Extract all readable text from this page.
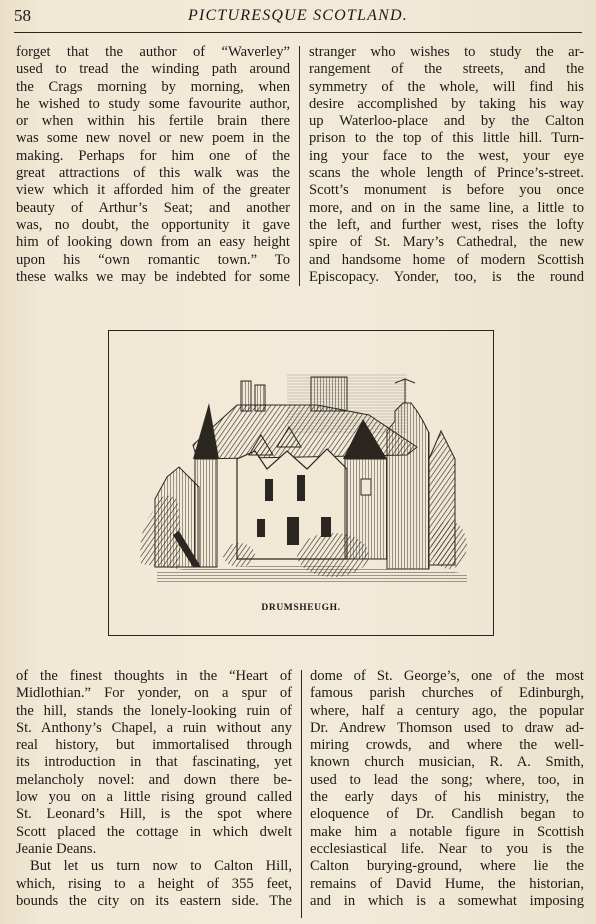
58	PICTURESQUE SCOTLAND.
forget that the author of “Waverley”
used to tread the winding path around
the Crags morning by morning, when
he wished to study some favourite author,
or when within his fertile brain there
was some new novel or new poem in the
making. Perhaps for him one of the
great attractions of this walk was the
view which it afforded him of the greater
beauty of Arthur’s Seat; and another
was, no doubt, the opportunity it gave
him of looking down from an easy height
upon his “own romantic town.” To
these walks we may be indebted for some
stranger who wishes to study the ar-
rangement of the streets, and the
symmetry of the whole, will find his
desire accomplished by taking his way
up Waterloo-place and by the Calton
prison to the top of this little hill. Turn-
ing your face to the west, your eye
scans the whole length of Prince’s-street.
Scott’s monument is before you once
more, and on in the same line, a little to
the left, and further west, rises the lofty
spire of St. Mary’s Cathedral, the new
and handsome home of modern Scottish
Episcopacy. Yonder, too, is the round
DRUMSHEUGH.
of the finest thoughts in the “Heart of
Midlothian.” For yonder, on a spur of
the hill, stands the lonely-looking ruin of
St. Anthony’s Chapel, a ruin without any
real history, but immortalised through
its introduction in that fascinating, yet
melancholy novel: and down there be-
low you on a little rising ground called
St. Leonard’s Hill, is the spot where
Scott placed the cottage in which dwelt
Jeanie Deans.
But let us turn now to Calton Hill,
which, rising to a height of 355 feet,
bounds the city on its eastern side. The
dome of St. George’s, one of the most
famous parish churches of Edinburgh,
where, half a century ago, the popular
Dr. Andrew Thomson used to draw ad-
miring crowds, and where the well-
known church musician, R. A. Smith,
used to lead the song; where, too, in
the early days of his ministry, the
eloquence of Dr. Candlish began to
make him a notable figure in Scottish
ecclesiastical life. Near to you is the
Calton burying-ground, where lie the
remains of David Hume, the historian,
and in which is a somewhat imposing
